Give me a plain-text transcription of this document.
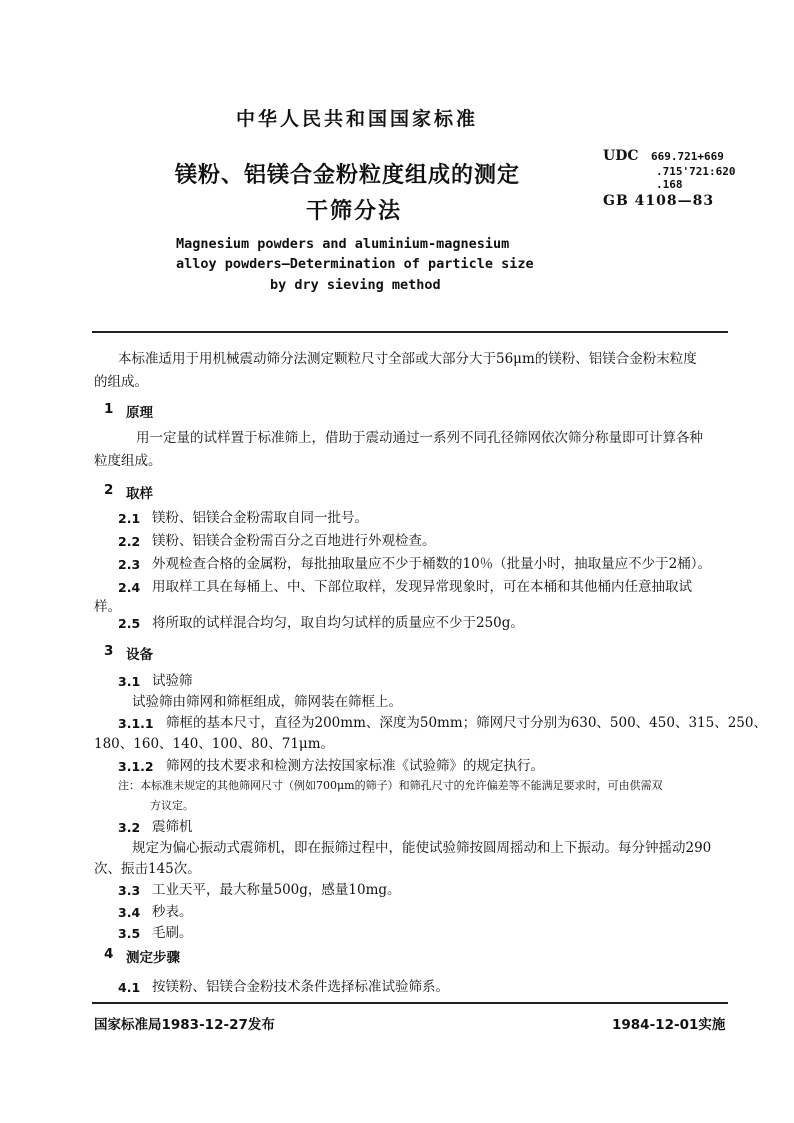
中华人民共和国国家标准
镁粉、铝镁合金粉粒度组成的测定
干筛分法
Magnesium powders and aluminium-magnesium
alloy powders—Determination of particle size
by dry sieving method
UDC 669.721+669
.715'721:620
.168
GB 4108—83
本标准适用于用机械震动筛分法测定颗粒尺寸全部或大部分大于56μm的镁粉、铝镁合金粉末粒度
的组成。
1 原理
用一定量的试样置于标准筛上，借助于震动通过一系列不同孔径筛网依次筛分称量即可计算各种
粒度组成。
2 取样
2.1 镁粉、铝镁合金粉需取自同一批号。
2.2 镁粉、铝镁合金粉需百分之百地进行外观检查。
2.3 外观检查合格的金属粉，每批抽取量应不少于桶数的10％（批量小时，抽取量应不少于2桶）。
2.4 用取样工具在每桶上、中、下部位取样，发现异常现象时，可在本桶和其他桶内任意抽取试
样。
2.5 将所取的试样混合均匀，取自均匀试样的质量应不少于250g。
3 设备
3.1 试验筛
试验筛由筛网和筛框组成，筛网装在筛框上。
3.1.1 筛框的基本尺寸，直径为200mm、深度为50mm；筛网尺寸分别为630、500、450、315、250、
180、160、140、100、80、71μm。
3.1.2 筛网的技术要求和检测方法按国家标准《试验筛》的规定执行。
注：本标准未规定的其他筛网尺寸（例如700μm的筛子）和筛孔尺寸的允许偏差等不能满足要求时，可由供需双
方议定。
3.2 震筛机
规定为偏心振动式震筛机，即在振筛过程中，能使试验筛按圆周摇动和上下振动。每分钟摇动290
次、振击145次。
3.3 工业天平，最大称量500g，感量10mg。
3.4 秒表。
3.5 毛刷。
4 测定步骤
4.1 按镁粉、铝镁合金粉技术条件选择标准试验筛系。
国家标准局1983-12-27发布	1984-12-01实施
